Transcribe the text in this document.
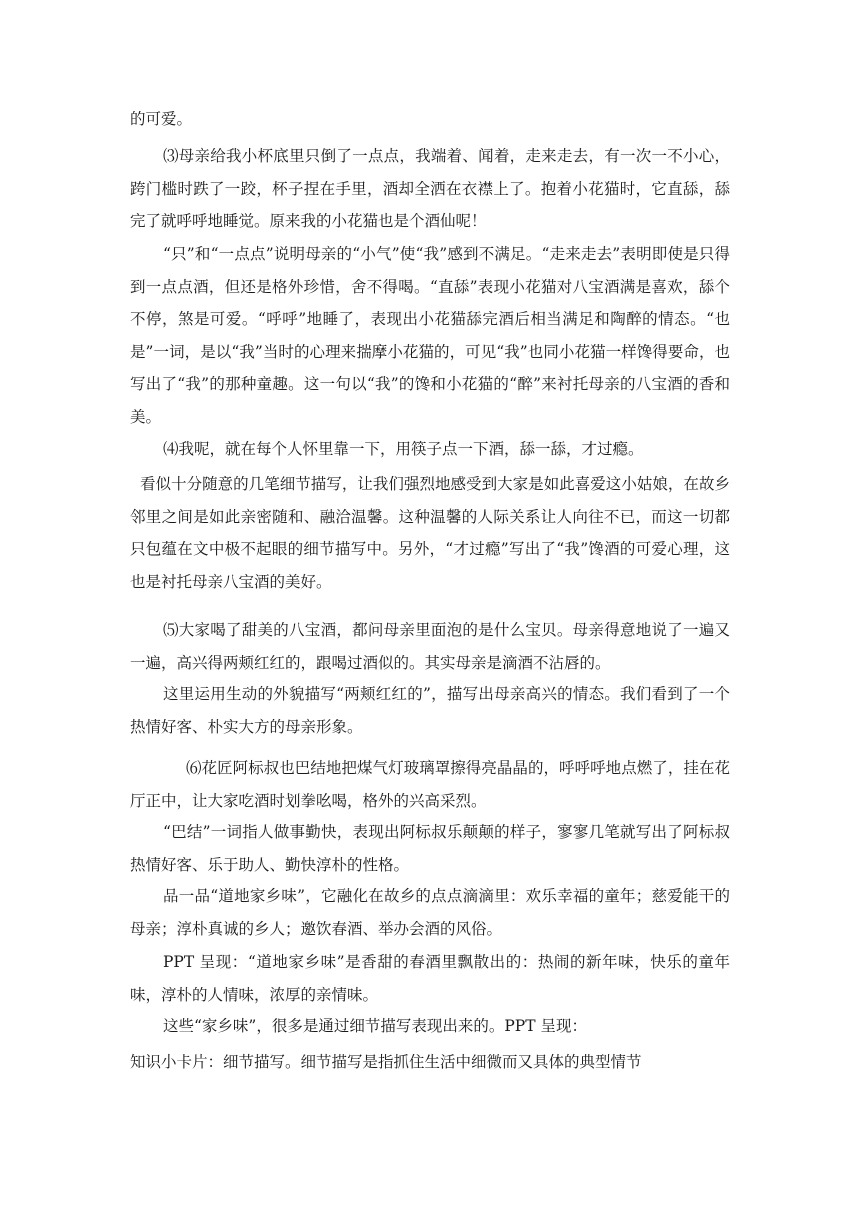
的可爱。

⑶母亲给我小杯底里只倒了一点点，我端着、闻着，走来走去，有一次一不小心，跨门槛时跌了一跤，杯子捏在手里，酒却全洒在衣襟上了。抱着小花猫时，它直舔，舔完了就呼呼地睡觉。原来我的小花猫也是个酒仙呢！

“只”和“一点点”说明母亲的“小气”使“我”感到不满足。“走来走去”表明即使是只得到一点点酒，但还是格外珍惜，舍不得喝。“直舔”表现小花猫对八宝酒满是喜欢，舔个不停，煞是可爱。“呼呼”地睡了，表现出小花猫舔完酒后相当满足和陶醉的情态。“也是”一词，是以“我”当时的心理来揣摩小花猫的，可见“我”也同小花猫一样馋得要命，也写出了“我”的那种童趣。这一句以“我”的馋和小花猫的“醉”来衬托母亲的八宝酒的香和美。

⑷我呢，就在每个人怀里靠一下，用筷子点一下酒，舔一舔，才过瘾。

看似十分随意的几笔细节描写，让我们强烈地感受到大家是如此喜爱这小姑娘，在故乡邻里之间是如此亲密随和、融洽温馨。这种温馨的人际关系让人向往不已，而这一切都只包蕴在文中极不起眼的细节描写中。另外，“才过瘾”写出了“我”馋酒的可爱心理，这也是衬托母亲八宝酒的美好。

⑸大家喝了甜美的八宝酒，都问母亲里面泡的是什么宝贝。母亲得意地说了一遍又一遍，高兴得两颊红红的，跟喝过酒似的。其实母亲是滴酒不沾唇的。

这里运用生动的外貌描写“两颊红红的”，描写出母亲高兴的情态。我们看到了一个热情好客、朴实大方的母亲形象。

⑹花匠阿标叔也巴结地把煤气灯玻璃罩擦得亮晶晶的，呼呼呼地点燃了，挂在花厅正中，让大家吃酒时划拳吆喝，格外的兴高采烈。

“巴结”一词指人做事勤快，表现出阿标叔乐颠颠的样子，寥寥几笔就写出了阿标叔热情好客、乐于助人、勤快淳朴的性格。

品一品“道地家乡味”，它融化在故乡的点点滴滴里：欢乐幸福的童年；慈爱能干的母亲；淳朴真诚的乡人；邀饮春酒、举办会酒的风俗。

PPT 呈现：“道地家乡味”是香甜的春酒里飘散出的：热闹的新年味，快乐的童年味，淳朴的人情味，浓厚的亲情味。

这些“家乡味”，很多是通过细节描写表现出来的。PPT 呈现：

知识小卡片：细节描写。细节描写是指抓住生活中细微而又具体的典型情节
